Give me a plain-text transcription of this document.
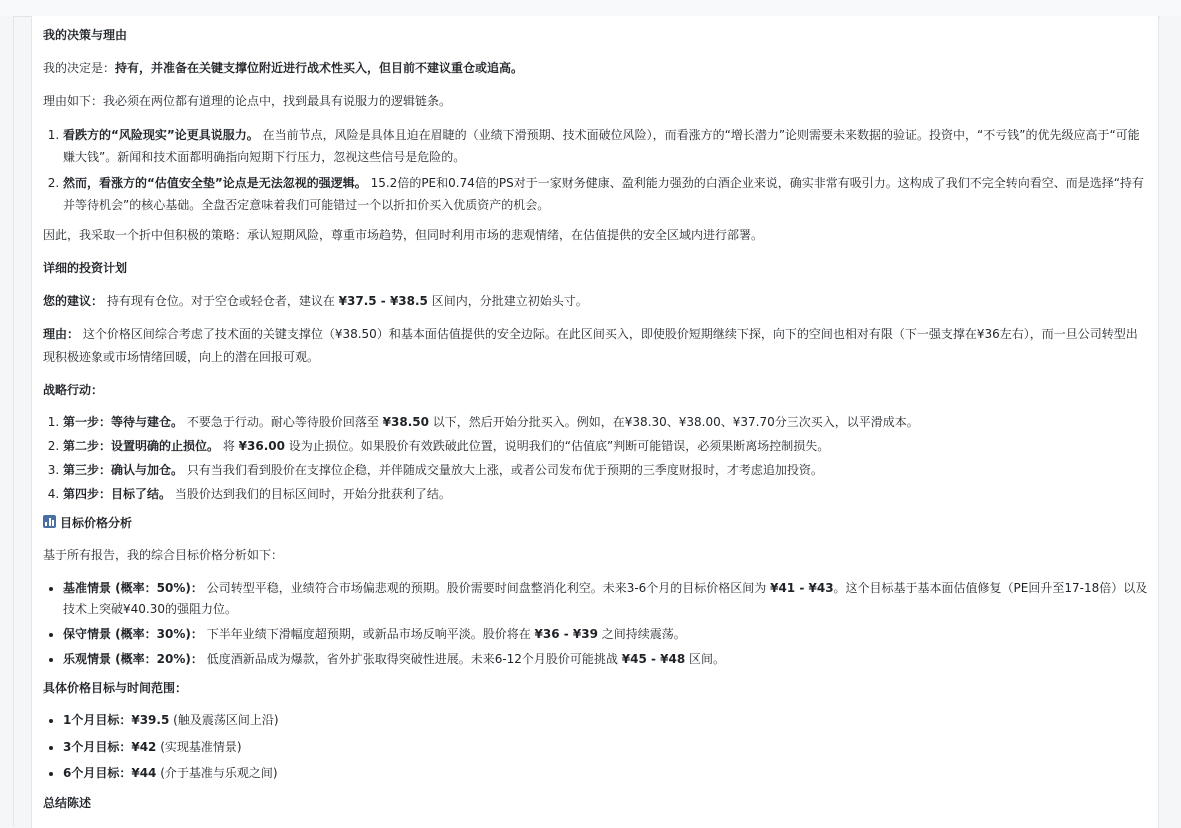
我的决策与理由

我的决定是：持有，并准备在关键支撑位附近进行战术性买入，但目前不建议重仓或追高。

理由如下：我必须在两位都有道理的论点中，找到最具有说服力的逻辑链条。

1. 看跌方的“风险现实”论更具说服力。 在当前节点，风险是具体且迫在眉睫的（业绩下滑预期、技术面破位风险），而看涨方的“增长潜力”论则需要未来数据的验证。投资中，“不亏钱”的优先级应高于“可能赚大钱”。新闻和技术面都明确指向短期下行压力，忽视这些信号是危险的。
2. 然而，看涨方的“估值安全垫”论点是无法忽视的强逻辑。 15.2倍的PE和0.74倍的PS对于一家财务健康、盈利能力强劲的白酒企业来说，确实非常有吸引力。这构成了我们不完全转向看空、而是选择“持有并等待机会”的核心基础。全盘否定意味着我们可能错过一个以折扣价买入优质资产的机会。

因此，我采取一个折中但积极的策略：承认短期风险，尊重市场趋势，但同时利用市场的悲观情绪，在估值提供的安全区域内进行部署。

详细的投资计划

您的建议： 持有现有仓位。对于空仓或轻仓者，建议在 ¥37.5 - ¥38.5 区间内，分批建立初始头寸。

理由： 这个价格区间综合考虑了技术面的关键支撑位（¥38.50）和基本面估值提供的安全边际。在此区间买入，即使股价短期继续下探，向下的空间也相对有限（下一强支撑在¥36左右），而一旦公司转型出现积极迹象或市场情绪回暖，向上的潜在回报可观。

战略行动：

1. 第一步：等待与建仓。 不要急于行动。耐心等待股价回落至 ¥38.50 以下，然后开始分批买入。例如，在¥38.30、¥38.00、¥37.70分三次买入，以平滑成本。
2. 第二步：设置明确的止损位。 将 ¥36.00 设为止损位。如果股价有效跌破此位置，说明我们的“估值底”判断可能错误，必须果断离场控制损失。
3. 第三步：确认与加仓。 只有当我们看到股价在支撑位企稳，并伴随成交量放大上涨，或者公司发布优于预期的三季度财报时，才考虑追加投资。
4. 第四步：目标了结。 当股价达到我们的目标区间时，开始分批获利了结。

目标价格分析

基于所有报告，我的综合目标价格分析如下：

• 基准情景 (概率：50%)： 公司转型平稳，业绩符合市场偏悲观的预期。股价需要时间盘整消化利空。未来3-6个月的目标价格区间为 ¥41 - ¥43。这个目标基于基本面估值修复（PE回升至17-18倍）以及技术上突破¥40.30的强阻力位。
• 保守情景 (概率：30%)： 下半年业绩下滑幅度超预期，或新品市场反响平淡。股价将在 ¥36 - ¥39 之间持续震荡。
• 乐观情景 (概率：20%)： 低度酒新品成为爆款，省外扩张取得突破性进展。未来6-12个月股价可能挑战 ¥45 - ¥48 区间。

具体价格目标与时间范围：

• 1个月目标：¥39.5 (触及震荡区间上沿)
• 3个月目标：¥42 (实现基准情景)
• 6个月目标：¥44 (介于基准与乐观之间)

总结陈述
